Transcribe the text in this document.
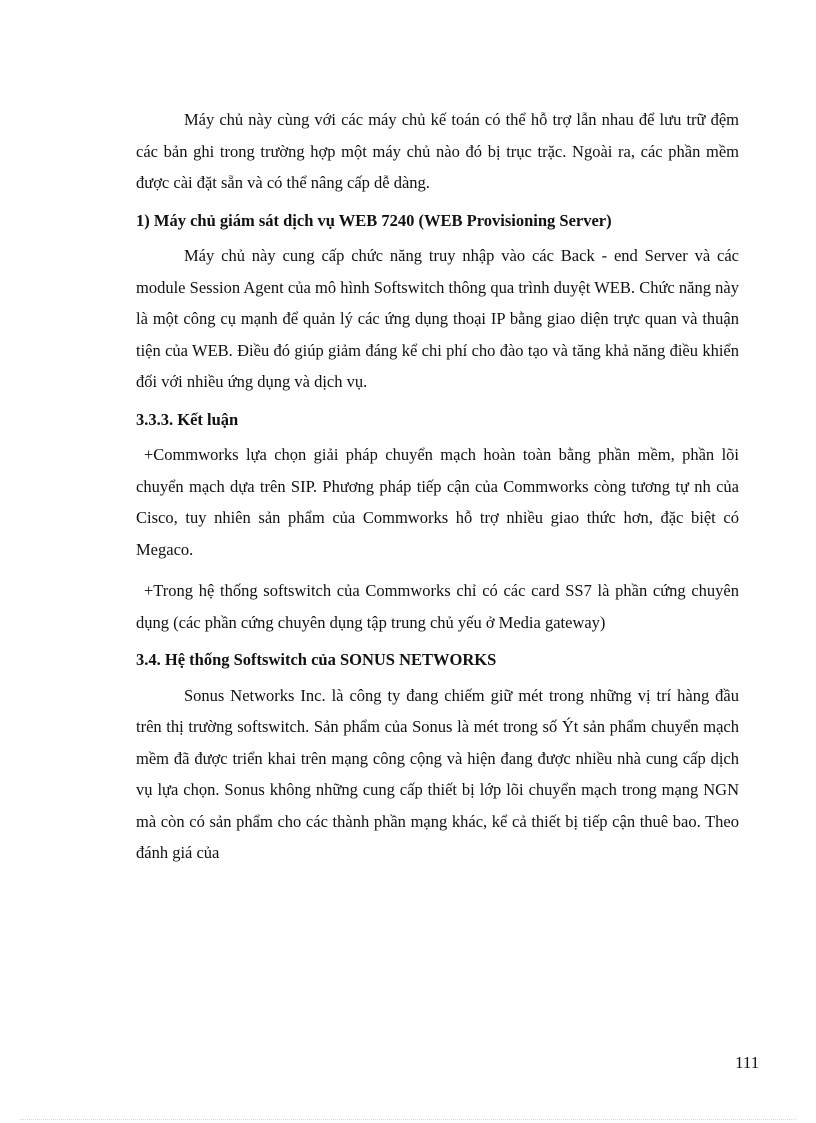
Máy chủ này cùng với các máy chủ kế toán có thể hỗ trợ lẫn nhau để lưu trữ đệm các bản ghi trong trường hợp một máy chủ nào đó bị trục trặc. Ngoài ra, các phần mềm được cài đặt sẵn và có thể nâng cấp dễ dàng.

1) Máy chủ giám sát dịch vụ WEB 7240 (WEB Provisioning Server)

Máy chủ này cung cấp chức năng truy nhập vào các Back - end Server và các module Session Agent của mô hình Softswitch thông qua trình duyệt WEB. Chức năng này là một công cụ mạnh để quản lý các ứng dụng thoại IP bằng giao diện trực quan và thuận tiện của WEB. Điều đó giúp giảm đáng kể chi phí cho đào tạo và tăng khả năng điều khiển đối với nhiều ứng dụng và dịch vụ.

3.3.3. Kết luận

+Commworks lựa chọn giải pháp chuyển mạch hoàn toàn bằng phần mềm, phần lõi chuyển mạch dựa trên SIP. Phương pháp tiếp cận của Commworks còng tương tự nh của Cisco, tuy nhiên sản phẩm của Commworks hỗ trợ nhiều giao thức hơn, đặc biệt có Megaco.

+Trong hệ thống softswitch của Commworks chỉ có các card SS7 là phần cứng chuyên dụng (các phần cứng chuyên dụng tập trung chủ yếu ở Media gateway)

3.4. Hệ thống Softswitch của SONUS NETWORKS

Sonus Networks Inc. là công ty đang chiếm giữ mét trong những vị trí hàng đầu trên thị trường softswitch. Sản phẩm của Sonus là mét trong số Ýt sản phẩm chuyển mạch mềm đã được triển khai trên mạng công cộng và hiện đang được nhiều nhà cung cấp dịch vụ lựa chọn. Sonus không những cung cấp thiết bị lớp lõi chuyển mạch trong mạng NGN mà còn có sản phẩm cho các thành phần mạng khác, kể cả thiết bị tiếp cận thuê bao. Theo đánh giá của

111
